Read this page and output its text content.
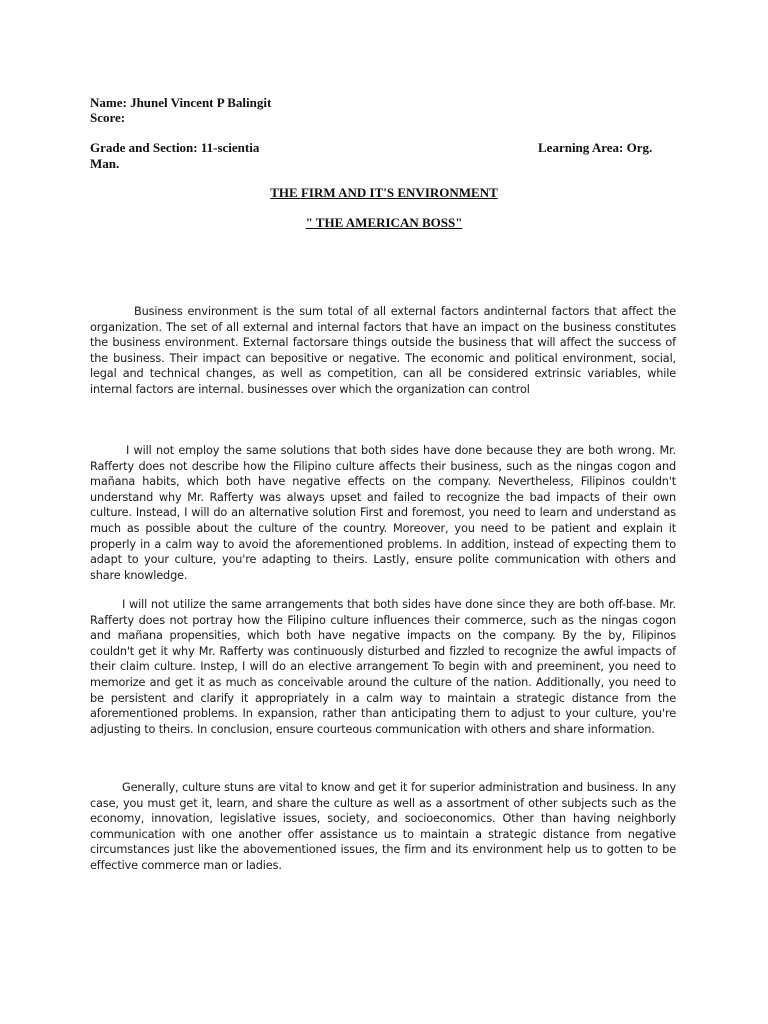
Name: Jhunel Vincent P Balingit
Score:
Grade and Section: 11-scientia	Learning Area: Org.
Man.
THE FIRM AND IT'S ENVIRONMENT
" THE AMERICAN BOSS"

Business environment is the sum total of all external factors andinternal factors that affect the organization. The set of all external and internal factors that have an impact on the business constitutes the business environment. External factorsare things outside the business that will affect the success of the business. Their impact can bepositive or negative. The economic and political environment, social, legal and technical changes, as well as competition, can all be considered extrinsic variables, while internal factors are internal. businesses over which the organization can control

I will not employ the same solutions that both sides have done because they are both wrong. Mr. Rafferty does not describe how the Filipino culture affects their business, such as the ningas cogon and mañana habits, which both have negative effects on the company. Nevertheless, Filipinos couldn't understand why Mr. Rafferty was always upset and failed to recognize the bad impacts of their own culture. Instead, I will do an alternative solution First and foremost, you need to learn and understand as much as possible about the culture of the country. Moreover, you need to be patient and explain it properly in a calm way to avoid the aforementioned problems. In addition, instead of expecting them to adapt to your culture, you're adapting to theirs. Lastly, ensure polite communication with others and share knowledge.

I will not utilize the same arrangements that both sides have done since they are both off-base. Mr. Rafferty does not portray how the Filipino culture influences their commerce, such as the ningas cogon and mañana propensities, which both have negative impacts on the company. By the by, Filipinos couldn't get it why Mr. Rafferty was continuously disturbed and fizzled to recognize the awful impacts of their claim culture. Instep, I will do an elective arrangement To begin with and preeminent, you need to memorize and get it as much as conceivable around the culture of the nation. Additionally, you need to be persistent and clarify it appropriately in a calm way to maintain a strategic distance from the aforementioned problems. In expansion, rather than anticipating them to adjust to your culture, you're adjusting to theirs. In conclusion, ensure courteous communication with others and share information.

Generally, culture stuns are vital to know and get it for superior administration and business. In any case, you must get it, learn, and share the culture as well as a assortment of other subjects such as the economy, innovation, legislative issues, society, and socioeconomics. Other than having neighborly communication with one another offer assistance us to maintain a strategic distance from negative circumstances just like the abovementioned issues, the firm and its environment help us to gotten to be effective commerce man or ladies.
